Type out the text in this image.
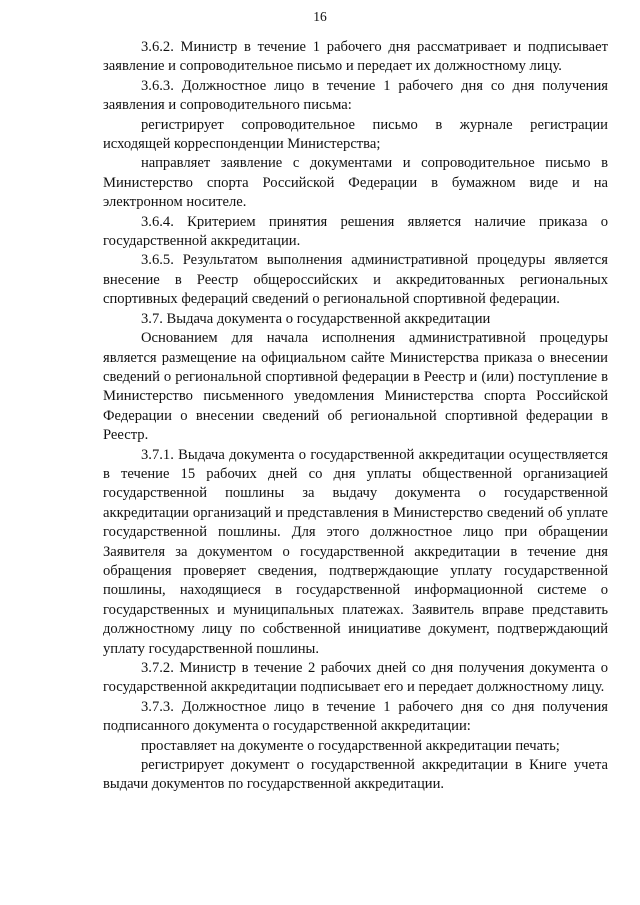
16

3.6.2. Министр в течение 1 рабочего дня рассматривает и подписывает заявление и сопроводительное письмо и передает их должностному лицу.

3.6.3. Должностное лицо в течение 1 рабочего дня со дня получения заявления и сопроводительного письма:

регистрирует сопроводительное письмо в журнале регистрации исходящей корреспонденции Министерства;

направляет заявление с документами и сопроводительное письмо в Министерство спорта Российской Федерации в бумажном виде и на электронном носителе.

3.6.4. Критерием принятия решения является наличие приказа о государственной аккредитации.

3.6.5. Результатом выполнения административной процедуры является внесение в Реестр общероссийских и аккредитованных региональных спортивных федераций сведений о региональной спортивной федерации.

3.7. Выдача документа о государственной аккредитации

Основанием для начала исполнения административной процедуры является размещение на официальном сайте Министерства приказа о внесении сведений о региональной спортивной федерации в Реестр и (или) поступление в Министерство письменного уведомления Министерства спорта Российской Федерации о внесении сведений об региональной спортивной федерации в Реестр.

3.7.1. Выдача документа о государственной аккредитации осуществляется в течение 15 рабочих дней со дня уплаты общественной организацией государственной пошлины за выдачу документа о государственной аккредитации организаций и представления в Министерство сведений об уплате государственной пошлины. Для этого должностное лицо при обращении Заявителя за документом о государственной аккредитации в течение дня обращения проверяет сведения, подтверждающие уплату государственной пошлины, находящиеся в государственной информационной системе о государственных и муниципальных платежах. Заявитель вправе представить должностному лицу по собственной инициативе документ, подтверждающий уплату государственной пошлины.

3.7.2. Министр в течение 2 рабочих дней со дня получения документа о государственной аккредитации подписывает его и передает должностному лицу.

3.7.3. Должностное лицо в течение 1 рабочего дня со дня получения подписанного документа о государственной аккредитации:

проставляет на документе о государственной аккредитации печать;

регистрирует документ о государственной аккредитации в Книге учета выдачи документов по государственной аккредитации.
